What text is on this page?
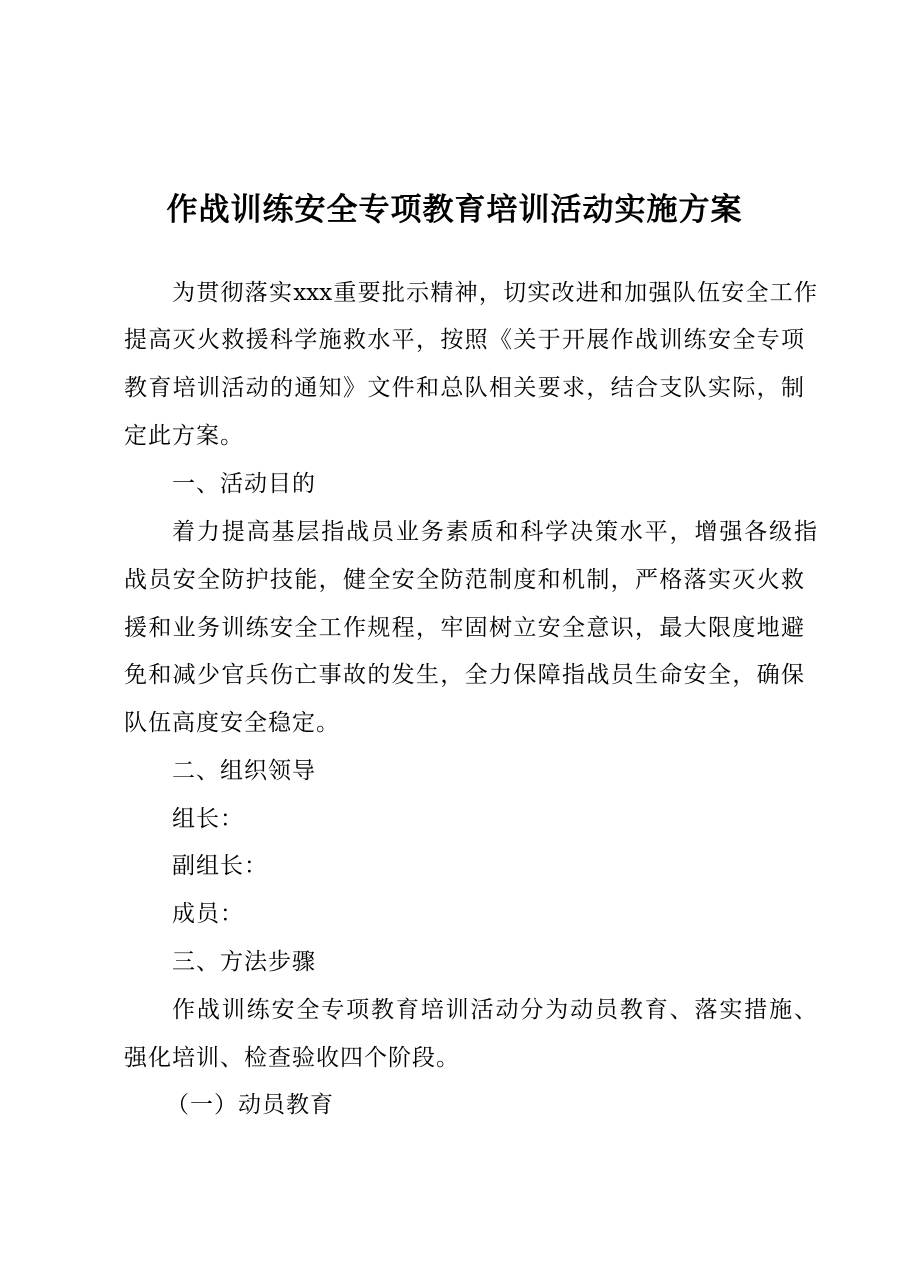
作战训练安全专项教育培训活动实施方案
为贯彻落实xxx重要批示精神，切实改进和加强队伍安全工作
提高灭火救援科学施救水平，按照《关于开展作战训练安全专项
教育培训活动的通知》文件和总队相关要求，结合支队实际，制
定此方案。
一、活动目的
着力提高基层指战员业务素质和科学决策水平，增强各级指
战员安全防护技能，健全安全防范制度和机制，严格落实灭火救
援和业务训练安全工作规程，牢固树立安全意识，最大限度地避
免和减少官兵伤亡事故的发生，全力保障指战员生命安全，确保
队伍高度安全稳定。
二、组织领导
组长：
副组长：
成员：
三、方法步骤
作战训练安全专项教育培训活动分为动员教育、落实措施、
强化培训、检查验收四个阶段。
（一）动员教育
